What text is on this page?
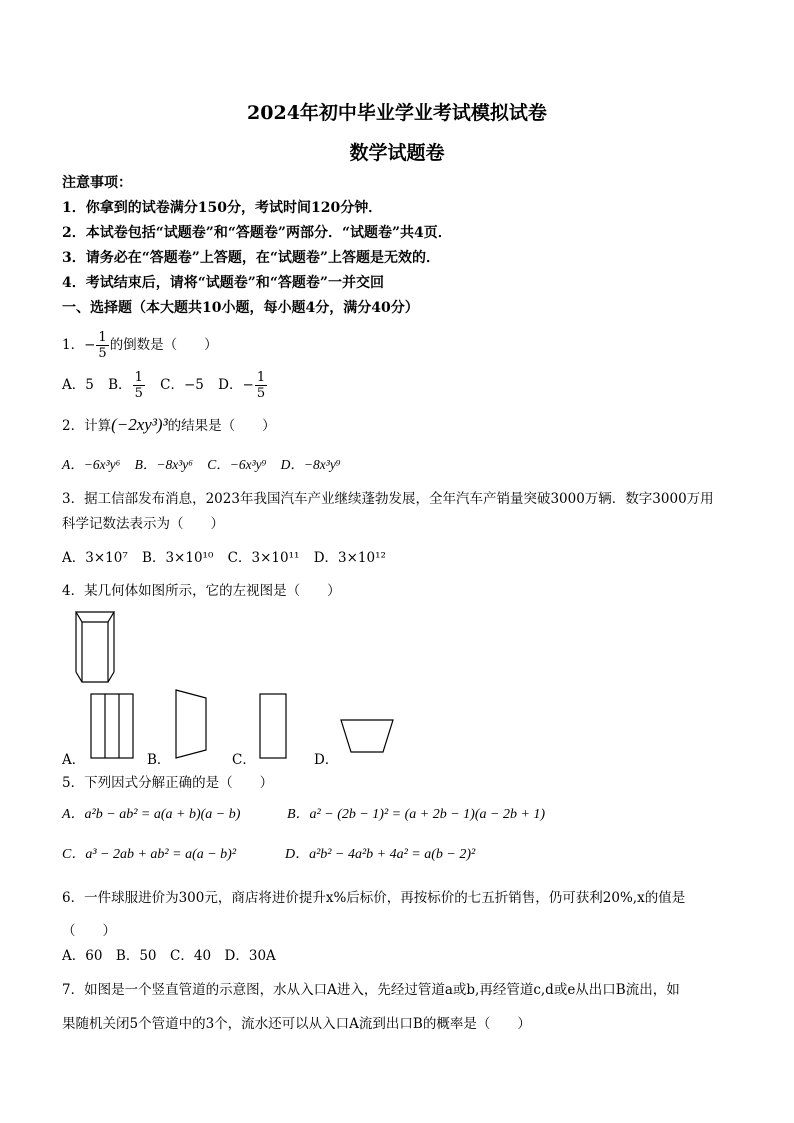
2024年初中毕业学业考试模拟试卷
数学试题卷
注意事项：
1．你拿到的试卷满分150分，考试时间120分钟．
2．本试卷包括“试题卷”和“答题卷”两部分．“试题卷”共4页．
3．请务必在“答题卷”上答题，在“试题卷”上答题是无效的．
4．考试结束后，请将“试题卷”和“答题卷”一并交回
一、选择题（本大题共10小题，每小题4分，满分40分）
1．− $\frac{1}{5}$ 的倒数是（　　）
A．5 B． $\frac{1}{5}$ C．−5 D．− $\frac{1}{5}$
2．计算(−2xy³)³的结果是（　　）
A．−6x³y⁶ B．−8x³y⁶ C．−6x³y⁹ D．−8x³y⁹
3．据工信部发布消息，2023年我国汽车产业继续蓬勃发展，全年汽车产销量突破3000万辆．数字3000万用
科学记数法表示为（　　）
A．3×10⁷ B．3×10¹⁰ C．3×10¹¹ D．3×10¹²
4．某几何体如图所示，它的左视图是（　　）
A．	B．	C．	D．
5．下列因式分解正确的是（　　）
A．a²b − ab² = a(a + b)(a − b)	B．a² − (2b − 1)² = (a + 2b − 1)(a − 2b + 1)
C．a³ − 2ab + ab² = a(a − b)²	D．a²b² − 4a²b + 4a² = a(b − 2)²
6．一件球服进价为300元，商店将进价提升x%后标价，再按标价的七五折销售，仍可获利20%,x的值是
（　　）
A．60　B．50　C．40　D．30A
7．如图是一个竖直管道的示意图，水从入口A进入，先经过管道a或b,再经管道c,d或e从出口B流出，如
果随机关闭5个管道中的3个，流水还可以从入口A流到出口B的概率是（　　）
